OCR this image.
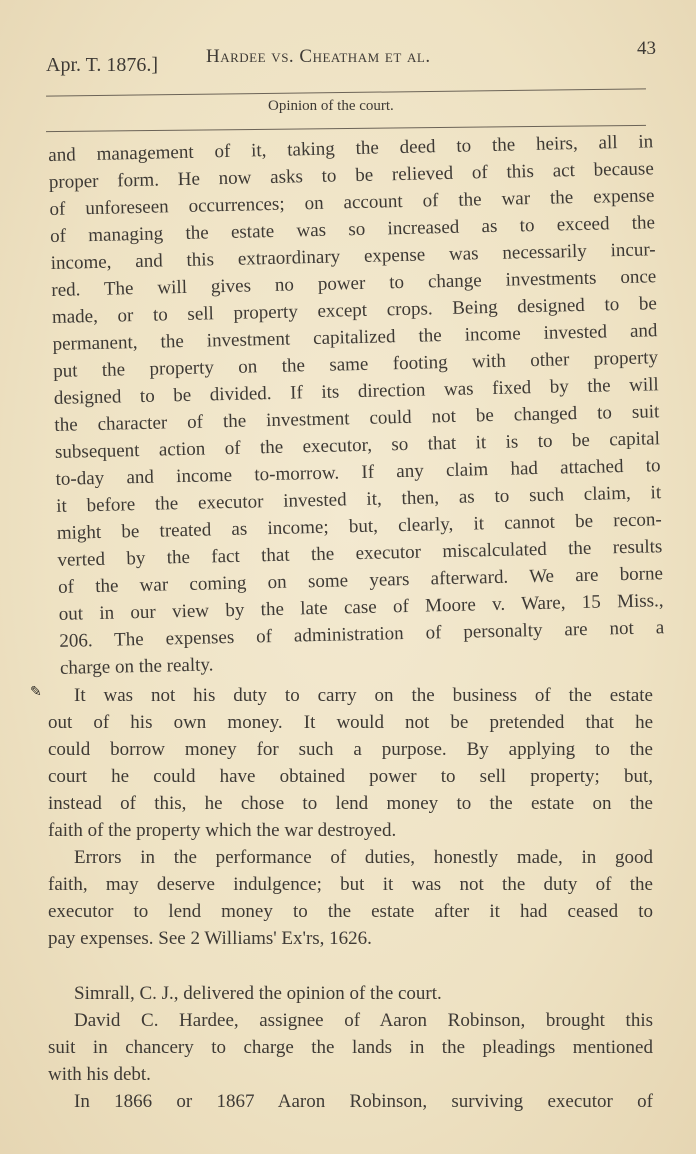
Apr. T. 1876.]	Hardee vs. Cheatham et al.	43
Opinion of the court.
and management of it, taking the deed to the heirs, all in
proper form. He now asks to be relieved of this act because
of unforeseen occurrences; on account of the war the expense
of managing the estate was so increased as to exceed the
income, and this extraordinary expense was necessarily incur-
red. The will gives no power to change investments once
made, or to sell property except crops. Being designed to be
permanent, the investment capitalized the income invested and
put the property on the same footing with other property
designed to be divided. If its direction was fixed by the will
the character of the investment could not be changed to suit
subsequent action of the executor, so that it is to be capital
to-day and income to-morrow. If any claim had attached to
it before the executor invested it, then, as to such claim, it
might be treated as income; but, clearly, it cannot be recon-
verted by the fact that the executor miscalculated the results
of the war coming on some years afterward. We are borne
out in our view by the late case of Moore v. Ware, 15 Miss.,
206. The expenses of administration of personalty are not a
charge on the realty.
It was not his duty to carry on the business of the estate
out of his own money. It would not be pretended that he
could borrow money for such a purpose. By applying to the
court he could have obtained power to sell property; but,
instead of this, he chose to lend money to the estate on the
faith of the property which the war destroyed.
Errors in the performance of duties, honestly made, in good
faith, may deserve indulgence; but it was not the duty of the
executor to lend money to the estate after it had ceased to
pay expenses. See 2 Williams' Ex'rs, 1626.
Simrall, C. J., delivered the opinion of the court.
David C. Hardee, assignee of Aaron Robinson, brought this
suit in chancery to charge the lands in the pleadings mentioned
with his debt.
In 1866 or 1867 Aaron Robinson, surviving executor of
✎
